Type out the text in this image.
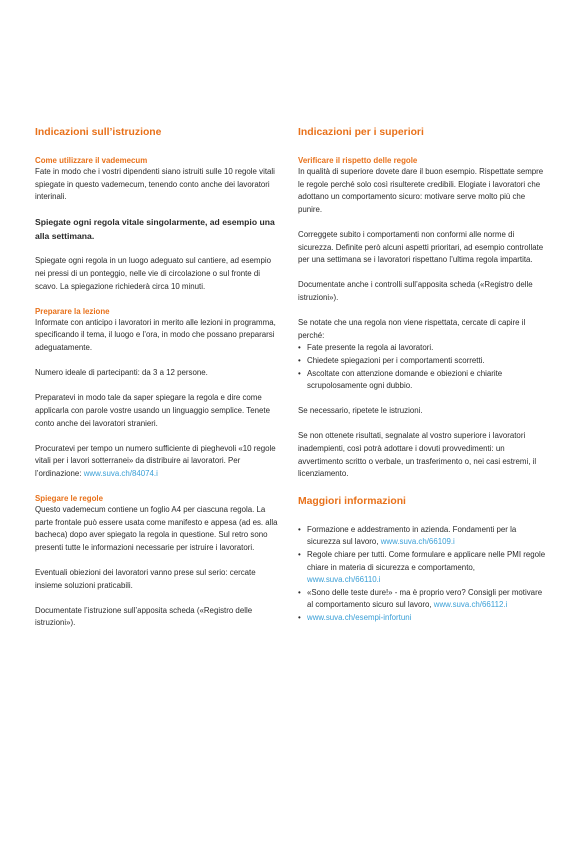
Indicazioni sull’istruzione
Come utilizzare il vademecum

Fate in modo che i vostri dipendenti siano istruiti sulle 10 regole vitali spiegate in questo vademecum, tenendo conto anche dei lavoratori interinali.

Spiegate ogni regola vitale singolarmente, ad esempio una alla settimana.

Spiegate ogni regola in un luogo adeguato sul cantiere, ad esempio nei pressi di un ponteggio, nelle vie di circolazione o sul fronte di scavo. La spiegazione richiederà circa 10 minuti.

Preparare la lezione

Informate con anticipo i lavoratori in merito alle lezioni in programma, specificando il tema, il luogo e l’ora, in modo che possano prepararsi adeguatamente.

Numero ideale di partecipanti: da 3 a 12 persone.

Preparatevi in modo tale da saper spiegare la regola e dire come applicarla con parole vostre usando un linguaggio semplice. Tenete conto anche dei lavoratori stranieri.

Procuratevi per tempo un numero sufficiente di pieghevoli «10 regole vitali per i lavori sotterranei» da distribuire ai lavoratori. Per l’ordinazione: www.suva.ch/84074.i

Spiegare le regole

Questo vademecum contiene un foglio A4 per ciascuna regola. La parte frontale può essere usata come manifesto e appesa (ad es. alla bacheca) dopo aver spiegato la regola in questione. Sul retro sono presenti tutte le informazioni necessarie per istruire i lavoratori.

Eventuali obiezioni dei lavoratori vanno prese sul serio: cercate insieme soluzioni praticabili.

Documentate l’istruzione sull’apposita scheda («Registro delle istruzioni»).

Indicazioni per i superiori
Verificare il rispetto delle regole

In qualità di superiore dovete dare il buon esempio. Rispettate sempre le regole perché solo così risulterete credibili. Elogiate i lavoratori che adottano un comportamento sicuro: motivare serve molto più che punire.

Correggete subito i comportamenti non conformi alle norme di sicurezza. Definite però alcuni aspetti prioritari, ad esempio controllate per una settimana se i lavoratori rispettano l’ultima regola impartita.

Documentate anche i controlli sull’apposita scheda («Registro delle istruzioni»).

Se notate che una regola non viene rispettata, cercate di capire il perché:

• Fate presente la regola ai lavoratori.
• Chiedete spiegazioni per i comportamenti scorretti.
• Ascoltate con attenzione domande e obiezioni e chiarite scrupolosamente ogni dubbio.

Se necessario, ripetete le istruzioni.

Se non ottenete risultati, segnalate al vostro superiore i lavoratori inadempienti, così potrà adottare i dovuti provvedimenti: un avvertimento scritto o verbale, un trasferimento o, nei casi estremi, il licenziamento.

Maggiori informazioni
• Formazione e addestramento in azienda. Fondamenti per la sicurezza sul lavoro, www.suva.ch/66109.i
• Regole chiare per tutti. Come formulare e applicare nelle PMI regole chiare in materia di sicurezza e comportamento, www.suva.ch/66110.i
• «Sono delle teste dure!» - ma è proprio vero? Consigli per motivare al comportamento sicuro sul lavoro, www.suva.ch/66112.i
• www.suva.ch/esempi-infortuni
